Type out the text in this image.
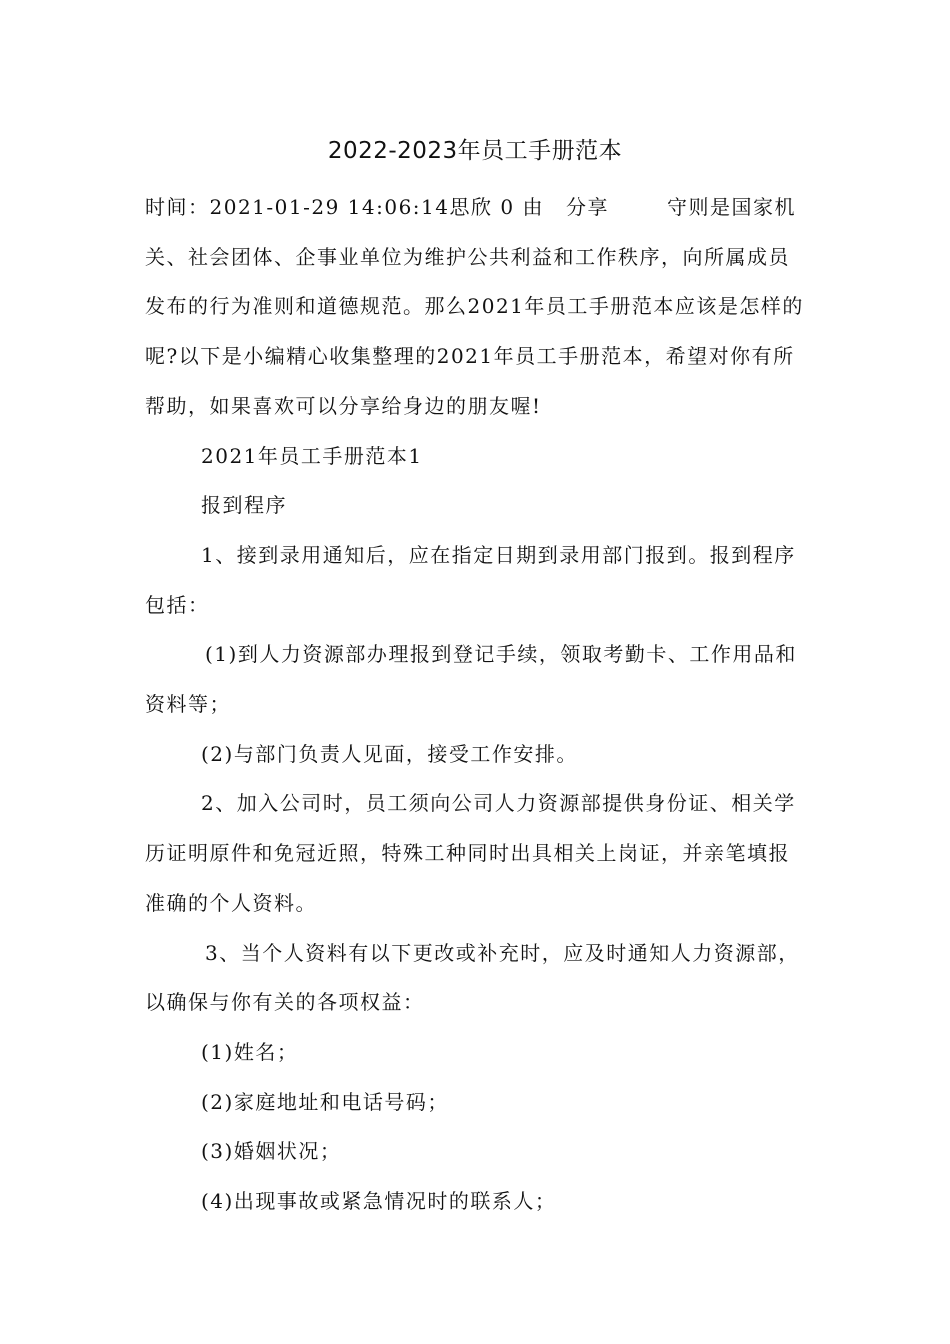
2022-2023年员工手册范本

时间：2021-01-29 14:06:14思欣 0 由 分享	守则是国家机关、社会团体、企事业单位为维护公共利益和工作秩序，向所属成员发布的行为准则和道德规范。那么2021年员工手册范本应该是怎样的呢?以下是小编精心收集整理的2021年员工手册范本，希望对你有所帮助，如果喜欢可以分享给身边的朋友喔!

2021年员工手册范本1

报到程序

1、接到录用通知后，应在指定日期到录用部门报到。报到程序包括：

(1)到人力资源部办理报到登记手续，领取考勤卡、工作用品和资料等；

(2)与部门负责人见面，接受工作安排。

2、加入公司时，员工须向公司人力资源部提供身份证、相关学历证明原件和免冠近照，特殊工种同时出具相关上岗证，并亲笔填报准确的个人资料。

3、当个人资料有以下更改或补充时，应及时通知人力资源部，以确保与你有关的各项权益：

(1)姓名；

(2)家庭地址和电话号码；

(3)婚姻状况；

(4)出现事故或紧急情况时的联系人；
